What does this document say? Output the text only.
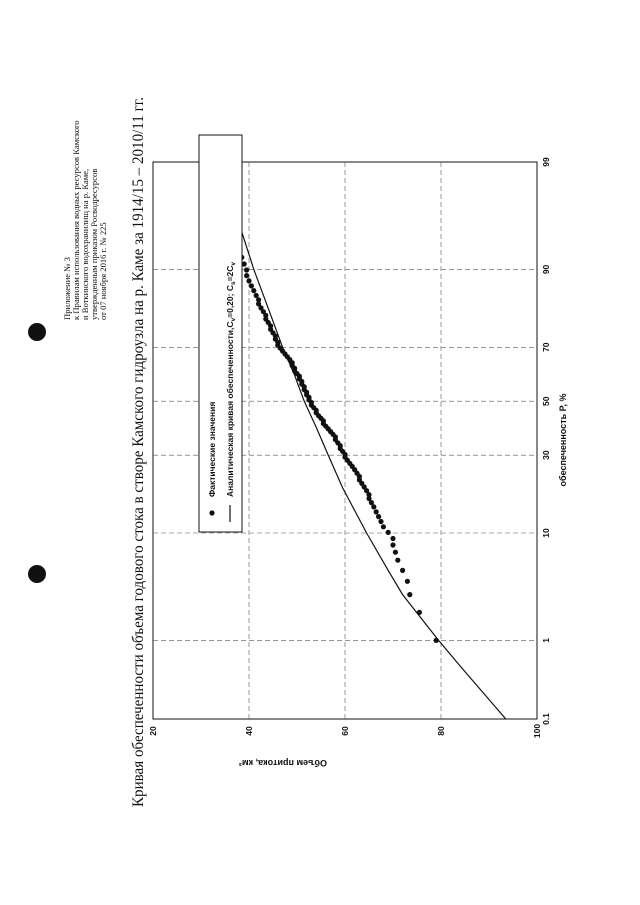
Приложение № 3 к Правилам использования водных ресурсов Камского и Воткинского водохранилищ на р. Каме, утвержденным приказом Росводресурсов от 07 ноября 2016 г. № 225 Кривая обеспеченности объема годового стока в створе Камского гидроузла на р. Каме за 1914/15 – 2010/11 гг.	0.1
1
10
30
50
70
90
99
20	40	60	80	100
обеспеченность P, %
Объем притока, км³
Фактические значения Аналитическая кривая $обеспеченности,C_v=0,20$; $C_s=2C_v$
